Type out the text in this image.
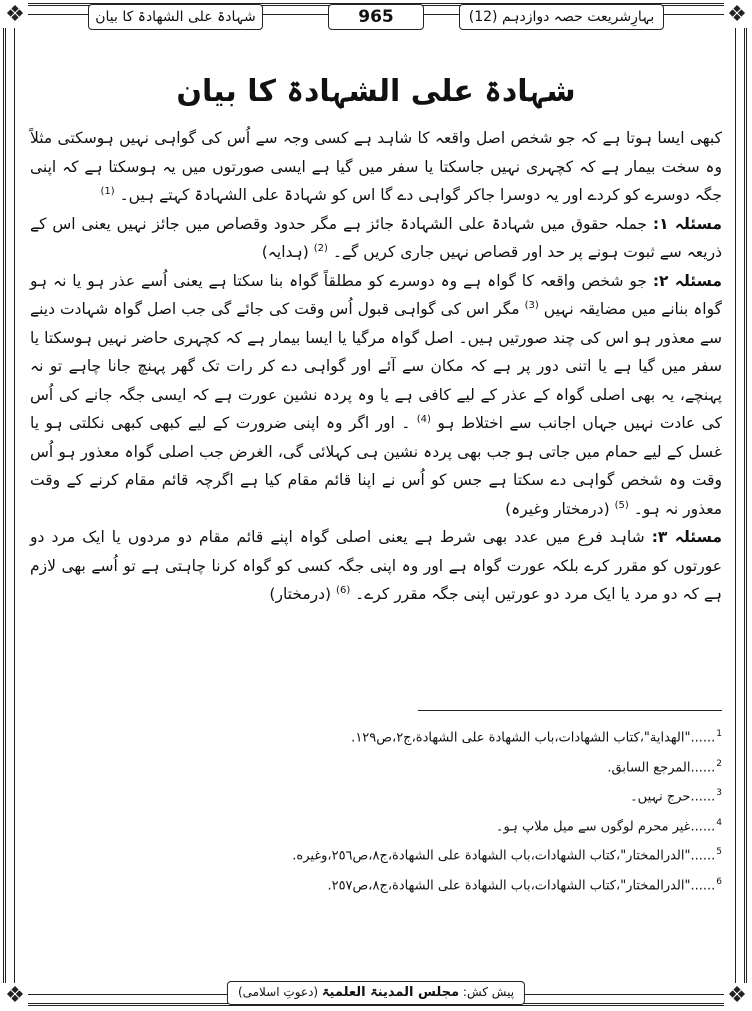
❖	❖
❖	❖
بہارِشریعت حصہ دوازدہم (12)
965
شہادۃ علی الشھادۃ کا بیان
شہادۃ علی الشہادۃ کا بیان

کبھی ایسا ہوتا ہے کہ جو شخص اصل واقعہ کا شاہد ہے کسی وجہ سے اُس کی گواہی نہیں ہوسکتی مثلاً وہ سخت بیمار ہے کہ کچہری نہیں جاسکتا یا سفر میں گیا ہے ایسی صورتوں میں یہ ہوسکتا ہے کہ اپنی جگہ دوسرے کو کردے اور یہ دوسرا جاکر گواہی دے گا اس کو شہادۃ علی الشہادۃ کہتے ہیں۔ $^{(1)}$

مسئلہ ۱: جملہ حقوق میں شہادۃ علی الشہادۃ جائز ہے مگر حدود وقصاص میں جائز نہیں یعنی اس کے ذریعہ سے ثبوت ہونے پر حد اور قصاص نہیں جاری کریں گے۔ $^{(2)}$ (ہدایہ)

مسئلہ ۲: جو شخص واقعہ کا گواہ ہے وہ دوسرے کو مطلقاً گواہ بنا سکتا ہے یعنی اُسے عذر ہو یا نہ ہو گواہ بنانے میں مضایقہ نہیں $^{(3)}$ مگر اس کی گواہی قبول اُس وقت کی جائے گی جب اصل گواہ شہادت دینے سے معذور ہو اس کی چند صورتیں ہیں۔ اصل گواہ مرگیا یا ایسا بیمار ہے کہ کچہری حاضر نہیں ہوسکتا یا سفر میں گیا ہے یا اتنی دور پر ہے کہ مکان سے آئے اور گواہی دے کر رات تک گھر پہنچ جانا چاہے تو نہ پہنچے، یہ بھی اصلی گواہ کے عذر کے لیے کافی ہے یا وہ پردہ نشین عورت ہے کہ ایسی جگہ جانے کی اُس کی عادت نہیں جہاں اجانب سے اختلاط ہو $^{(4)}$ ۔ اور اگر وہ اپنی ضرورت کے لیے کبھی کبھی نکلتی ہو یا غسل کے لیے حمام میں جاتی ہو جب بھی پردہ نشین ہی کہلائی گی، الغرض جب اصلی گواہ معذور ہو اُس وقت وہ شخص گواہی دے سکتا ہے جس کو اُس نے اپنا قائم مقام کیا ہے اگرچہ قائم مقام کرنے کے وقت معذور نہ ہو۔ $^{(5)}$ (درمختار وغیرہ)

مسئلہ ۳: شاہد فرع میں عدد بھی شرط ہے یعنی اصلی گواہ اپنے قائم مقام دو مردوں یا ایک مرد دو عورتوں کو مقرر کرے بلکہ عورت گواہ ہے اور وہ اپنی جگہ کسی کو گواہ کرنا چاہتی ہے تو اُسے بھی لازم ہے کہ دو مرد یا ایک مرد دو عورتیں اپنی جگہ مقرر کرے۔ $^{(6)}$ (درمختار)

$^1$......"الهداية"،كتاب الشهادات،باب الشهادة على الشهادة،ج٢،ص١٢٩.
$^2$......المرجع السابق.
$^3$......حرج نہیں۔
$^4$......غیر محرم لوگوں سے میل ملاپ ہو۔
$^5$......"الدرالمختار"،كتاب الشهادات،باب الشهادة على الشهادة،ج٨،ص٢٥٦،وغيره.
$^6$......"الدرالمختار"،كتاب الشهادات،باب الشهادة على الشهادة،ج٨،ص٢٥٧.
پیش کش: مجلس المدینۃ العلمیۃ (دعوتِ اسلامی)
